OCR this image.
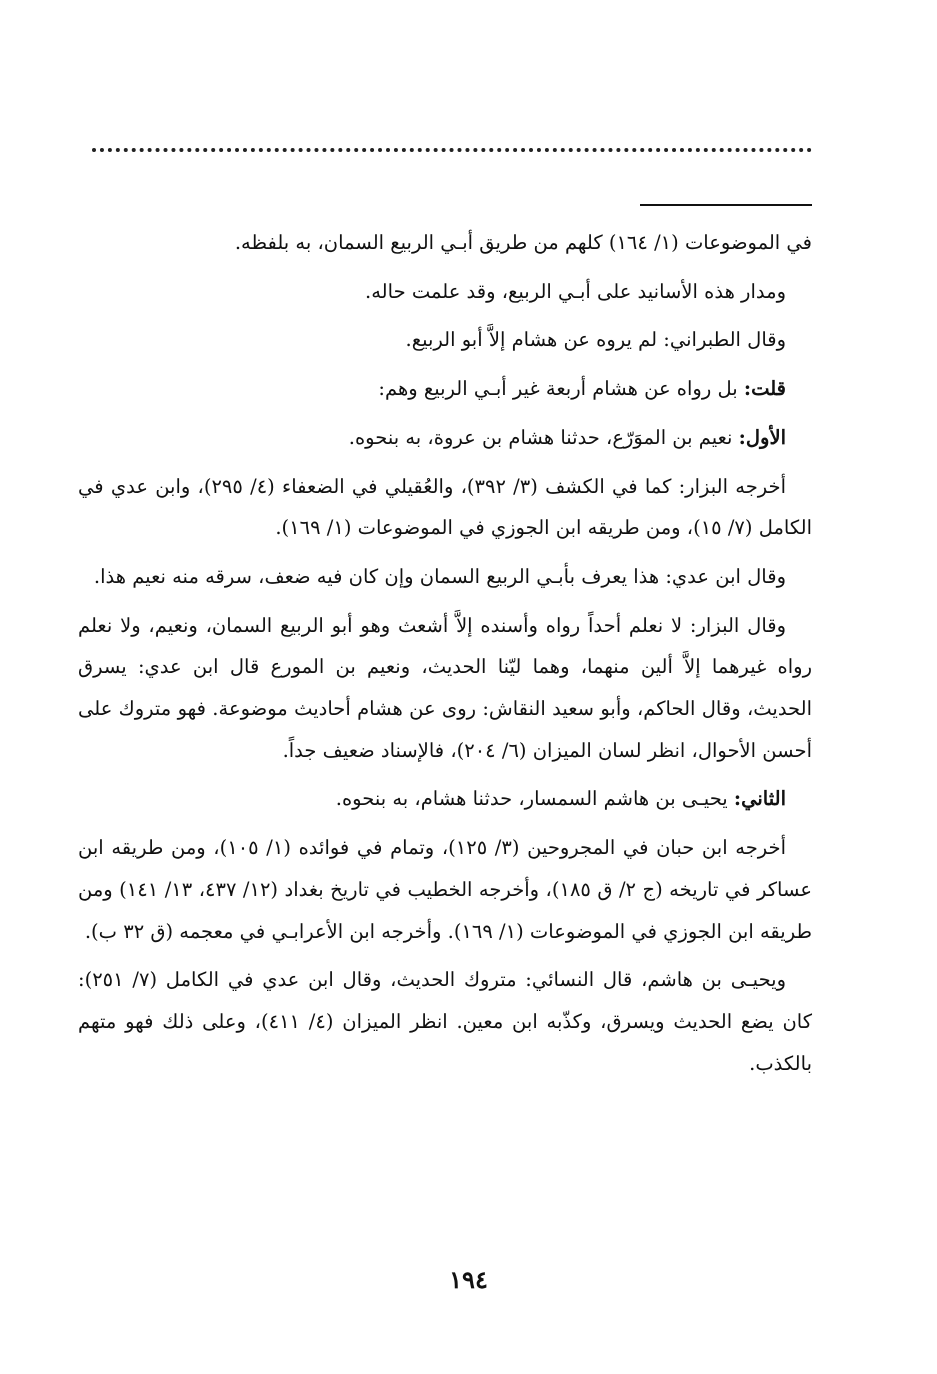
في الموضوعات (١/ ١٦٤) كلهم من طريق أبـي الربيع السمان، به بلفظه.

ومدار هذه الأسانيد على أبـي الربيع، وقد علمت حاله.

وقال الطبراني: لم يروه عن هشام إلاَّ أبو الربيع.

قلت: بل رواه عن هشام أربعة غير أبـي الربيع وهم:

الأول: نعيم بن الموَرّع، حدثنا هشام بن عروة، به بنحوه.

أخرجه البزار: كما في الكشف (٣/ ٣٩٢)، والعُقيلي في الضعفاء (٤/ ٢٩٥)، وابن عدي في الكامل (٧/ ١٥)، ومن طريقه ابن الجوزي في الموضوعات (١/ ١٦٩).

وقال ابن عدي: هذا يعرف بأبـي الربيع السمان وإن كان فيه ضعف، سرقه منه نعيم هذا.

وقال البزار: لا نعلم أحداً رواه وأسنده إلاَّ أشعث وهو أبو الربيع السمان، ونعيم، ولا نعلم رواه غيرهما إلاَّ ألين منهما، وهما ليّنا الحديث، ونعيم بن المورع قال ابن عدي: يسرق الحديث، وقال الحاكم، وأبو سعيد النقاش: روى عن هشام أحاديث موضوعة. فهو متروك على أحسن الأحوال، انظر لسان الميزان (٦/ ٢٠٤)، فالإسناد ضعيف جداً.

الثاني: يحيـى بن هاشم السمسار، حدثنا هشام، به بنحوه.

أخرجه ابن حبان في المجروحين (٣/ ١٢٥)، وتمام في فوائده (١/ ١٠٥)، ومن طريقه ابن عساكر في تاريخه (ج ٢/ ق ١٨٥)، وأخرجه الخطيب في تاريخ بغداد (١٢/ ٤٣٧، ١٣/ ١٤١) ومن طريقه ابن الجوزي في الموضوعات (١/ ١٦٩). وأخرجه ابن الأعرابـي في معجمه (ق ٣٢ ب).

ويحيـى بن هاشم، قال النسائي: متروك الحديث، وقال ابن عدي في الكامل (٧/ ٢٥١): كان يضع الحديث ويسرق، وكذّبه ابن معين. انظر الميزان (٤/ ٤١١)، وعلى ذلك فهو متهم بالكذب.

١٩٤
